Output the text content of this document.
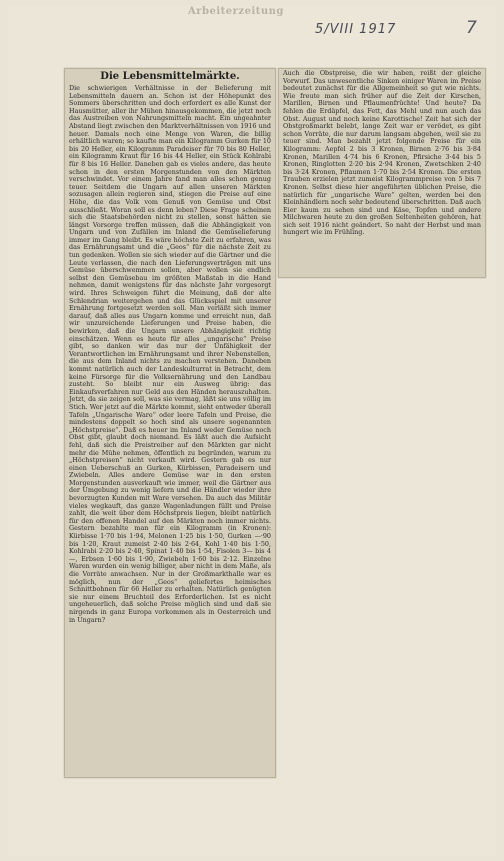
Arbeiterzeitung
5/VIII 1917	7
Die Lebensmittelmärkte.
Die schwierigen Verhältnisse in der Belieferung mit Lebensmitteln dauern an. Schon ist der Höhepunkt des Sommers überschritten und doch erfordert es alle Kunst der Hausmütter, aller ihr Mühen hinausgekommen, die jetzt noch das Austreiben von Nahrungsmitteln macht. Ein ungeahnter Abstand liegt zwischen den Marktverhältnissen von 1916 und heuer. Damals noch eine Menge von Waren, die billig erhältlich waren; so kaufte man ein Kilogramm Gurken für 10 bis 20 Heller, ein Kilogramm Paradeiser für 70 bis 80 Heller, ein Kilogramm Kraut für 16 bis 44 Heller, ein Stück Kohlrabi für 8 bis 16 Heller. Daneben gab es vieles andere, das heute schon in den ersten Morgenstunden von den Märkten verschwindet. Vor einem Jahre fand man alles schon genug teuer. Seitdem die Ungarn auf allen unseren Märkten sozusagen allein regieren sind, stiegen die Preise auf eine Höhe, die das Volk vom Genuß von Gemüse und Obst ausschließt. Woran soll es denn leben? Diese Frage scheinen sich die Staatsbehörden nicht zu stellen, sonst hätten sie längst Vorsorge treffen müssen, daß die Abhängigkeit von Ungarn und von Zufällen im Inland die Gemüselieferung immer im Gang bleibt. Es wäre höchste Zeit zu erfahren, was das Ernährungsamt und die „Geos“ für die nächste Zeit zu tun gedenken. Wollen sie sich wieder auf die Gärtner und die Leute verlassen, die nach den Lieferungsverträgen mit uns Gemüse überschwemmen sollen, aber wollen sie endlich selbst den Gemüsebau im größten Maßstab in die Hand nehmen, damit wenigstens für das nächste Jahr vorgesorgt wird. Ihres Schweigen führt die Meinung, daß der alte Schlendrian weitergehen und das Glücksspiel mit unserer Ernährung fortgesetzt werden soll. Man verläßt sich immer darauf, daß alles aus Ungarn komme und erreicht nun, daß wir unzureichende Lieferungen und Preise haben, die bewirken, daß die Ungarn unsere Abhängigkeit richtig einschätzen. Wenn es heute für alles „ungarische“ Preise gibt, so danken wir das nur der Unfähigkeit der Verantwortlichen im Ernährungsamt und ihrer Nebenstellen, die aus dem Inland nichts zu machen verstehen. Daneben kommt natürlich auch der Landeskulturrat in Betracht, dem keine Fürsorge für die Volksernährung und den Landbau zusteht. So bleibt nur ein Ausweg übrig: das Einkaufsverfahren nur Geld aus den Händen herauszuhalten. Jetzt, da sie zeigen soll, was sie vermag, läßt sie uns völlig im Stich. Wer jetzt auf die Märkte kommt, sieht entweder überall Tafeln „Ungarische Ware“ oder leere Tafeln und Preise, die mindestens doppelt so hoch sind als unsere sogenannten „Höchstpreise“. Daß es heuer im Inland weder Gemüse noch Obst gibt, glaubt doch niemand. Es läßt auch die Aufsicht fehl, daß sich die Preistreiber auf den Märkten gar nicht mehr die Mühe nehmen, öffentlich zu begründen, warum zu „Höchstpreisen“ nicht verkauft wird. Gestern gab es nur einen Ueberschuß an Gurken, Kürbissen, Paradeisern und Zwiebeln. Alles andere Gemüse war in den ersten Morgenstunden ausverkauft wie immer, weil die Gärtner aus der Umgebung zu wenig liefern und die Händler wieder ihre bevorzugten Kunden mit Ware versehen. Da auch das Militär vieles wegkauft, das ganze Wagenladungen füllt und Preise zahlt, die weit über dem Höchstpreis liegen, bleibt natürlich für den offenen Handel auf den Märkten noch immer nichts. Gestern bezahlte man für ein Kilogramm (in Kronen): Kürbisse 1·70 bis 1·94, Melonen 1·25 bis 1·50, Gurken —·90 bis 1·20, Kraut zumeist 2·40 bis 2·64, Kohl 1·40 bis 1·50, Kohlrabi 2·20 bis 2·40, Spinat 1·40 bis 1·54, Fisolen 3— bis 4—, Erbsen 1·60 bis 1·90, Zwiebeln 1·60 bis 2·12. Einzelne Waren wurden ein wenig billiger, aber nicht in dem Maße, als die Vorräte anwachsen. Nur in der Großmarkthalle war es möglich, nun der „Geos“ geliefertes heimisches Schnittbohnen für 66 Heller zu erhalten. Natürlich genügten sie nur einem Bruchteil des Erforderlichen. Ist es nicht ungeheuerlich, daß solche Preise möglich sind und daß sie nirgends in ganz Europa vorkommen als in Oesterreich und in Ungarn?
Auch die Obstpreise, die wir haben, reißt der gleiche Vorwurf. Das unwesentliche Sinken einiger Waren im Preise bedeutet zunächst für die Allgemeinheit so gut wie nichts. Wie freute man sich früher auf die Zeit der Kirschen, Marillen, Birnen und Pflaumenfrüchte! Und heute? Da fehlen die Erdäpfel, das Fett, das Mehl und nun auch das Obst. August und noch keine Karottische! Zeit hat sich der Obstgroßmarkt belebt, lange Zeit war er verödet, es gibt schon Vorräte, die nur darum langsam abgehen, weil sie zu teuer sind. Man bezahlt jetzt folgende Preise für ein Kilogramm: Aepfel 2 bis 3 Kronen, Birnen 2·76 bis 3·84 Kronen, Marillen 4·74 bis 6 Kronen, Pfirsiche 3·44 bis 5 Kronen, Ringlotten 2·20 bis 2·94 Kronen, Zwetschken 2·40 bis 3·24 Kronen, Pflaumen 1·70 bis 2·54 Kronen. Die ersten Trauben erzielen jetzt zumeist Kilogrammpreise von 5 bis 7 Kronen. Selbst diese hier angeführten üblichen Preise, die natürlich für „ungarische Ware“ gelten, werden bei den Kleinhändlern noch sehr bedeutend überschritten. Daß auch Eier kaum zu sehen sind und Käse, Topfen und andere Milchwaren heute zu den großen Seltenheiten gehören, hat sich seit 1916 nicht geändert. So naht der Herbst und man hungert wie im Frühling.
